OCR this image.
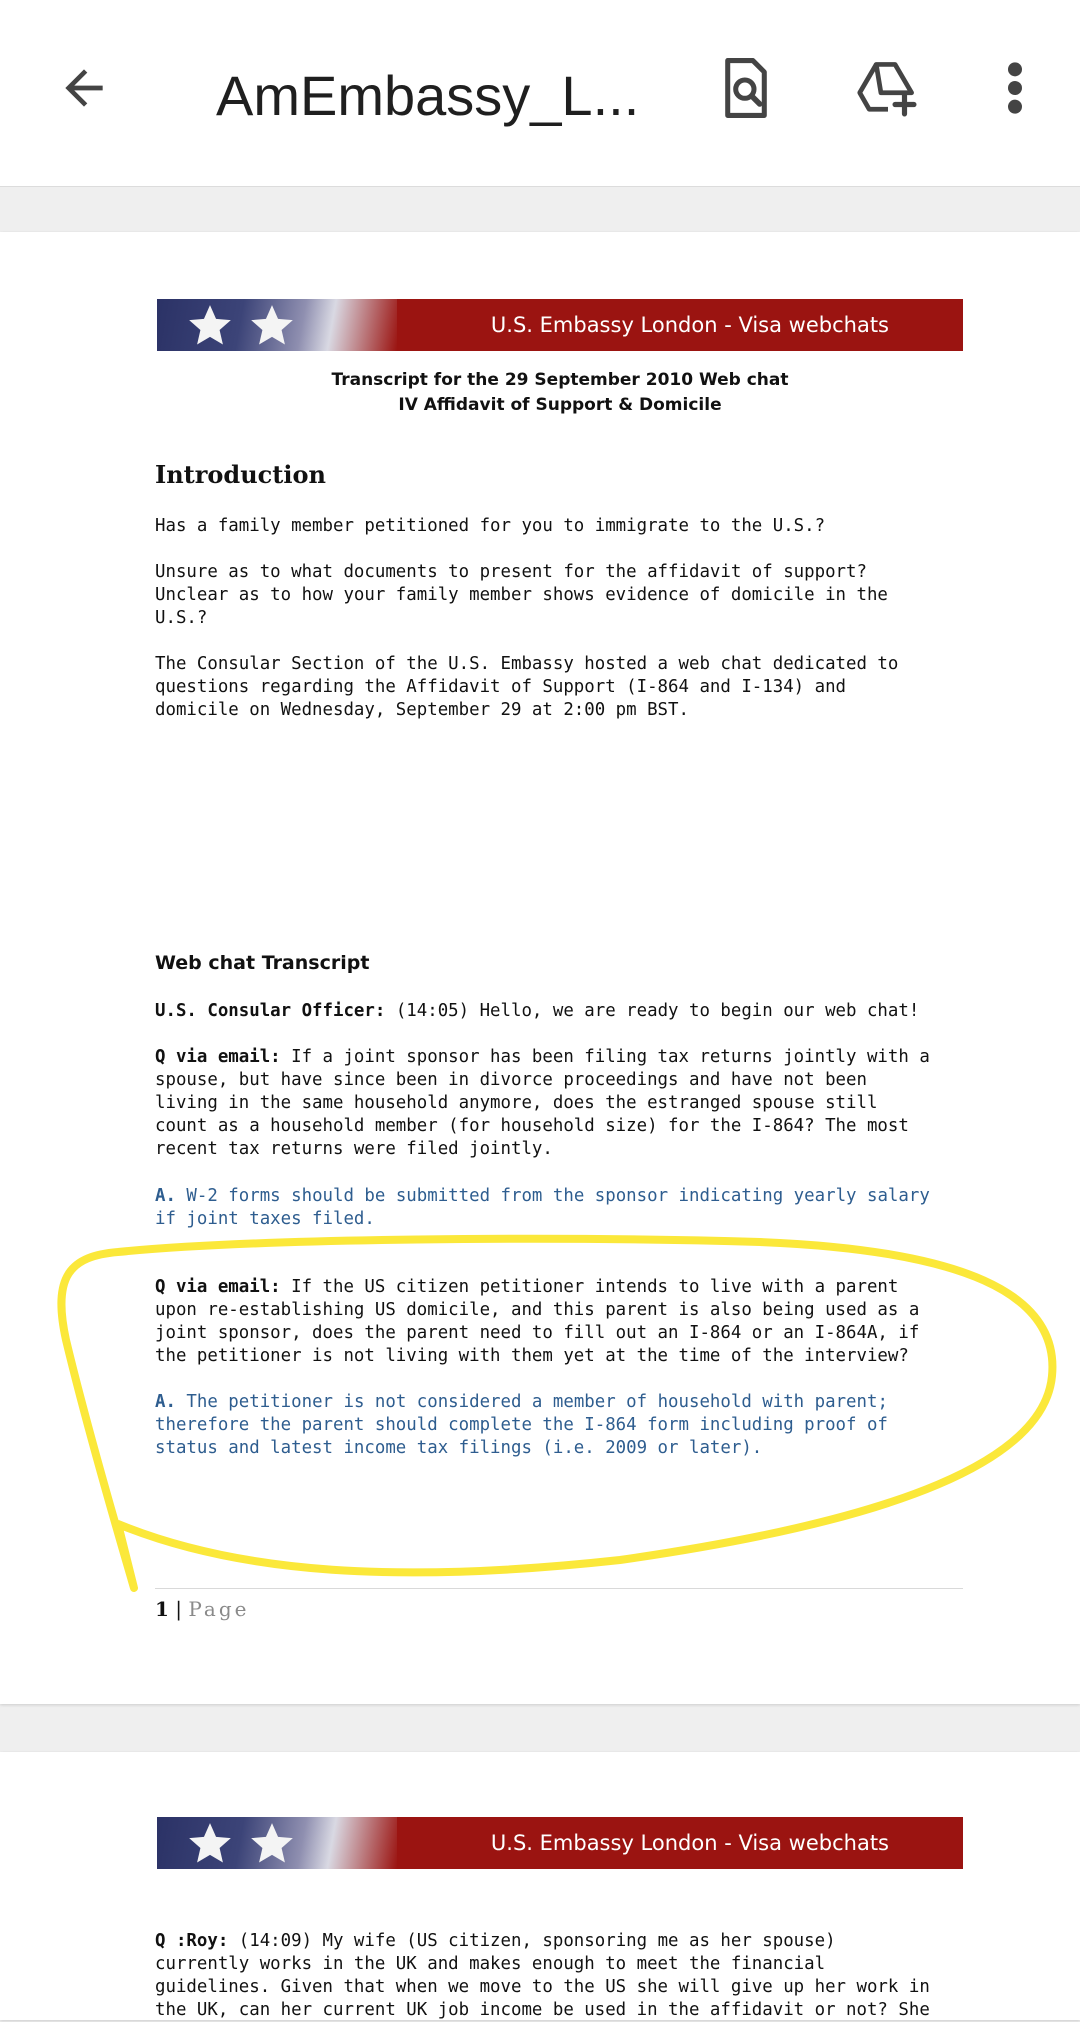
AmEmbassy_L...
U.S. Embassy London - Visa webchats
Transcript for the 29 September 2010 Web chat
IV Affidavit of Support & Domicile
Introduction
Has a family member petitioned for you to immigrate to the U.S.?
Unsure as to what documents to present for the affidavit of support?
Unclear as to how your family member shows evidence of domicile in the
U.S.?
The Consular Section of the U.S. Embassy hosted a web chat dedicated to
questions regarding the Affidavit of Support (I-864 and I-134) and
domicile on Wednesday, September 29 at 2:00 pm BST.
Web chat Transcript
U.S. Consular Officer: (14:05) Hello, we are ready to begin our web chat!
Q via email: If a joint sponsor has been filing tax returns jointly with a
spouse, but have since been in divorce proceedings and have not been
living in the same household anymore, does the estranged spouse still
count as a household member (for household size) for the I-864? The most
recent tax returns were filed jointly.
A. W-2 forms should be submitted from the sponsor indicating yearly salary
if joint taxes filed.
Q via email: If the US citizen petitioner intends to live with a parent
upon re-establishing US domicile, and this parent is also being used as a
joint sponsor, does the parent need to fill out an I-864 or an I-864A, if
the petitioner is not living with them yet at the time of the interview?
A. The petitioner is not considered a member of household with parent;
therefore the parent should complete the I-864 form including proof of
status and latest income tax filings (i.e. 2009 or later).
1 | Page
U.S. Embassy London - Visa webchats
Q :Roy: (14:09) My wife (US citizen, sponsoring me as her spouse)
currently works in the UK and makes enough to meet the financial
guidelines. Given that when we move to the US she will give up her work in
the UK, can her current UK job income be used in the affidavit or not? She
